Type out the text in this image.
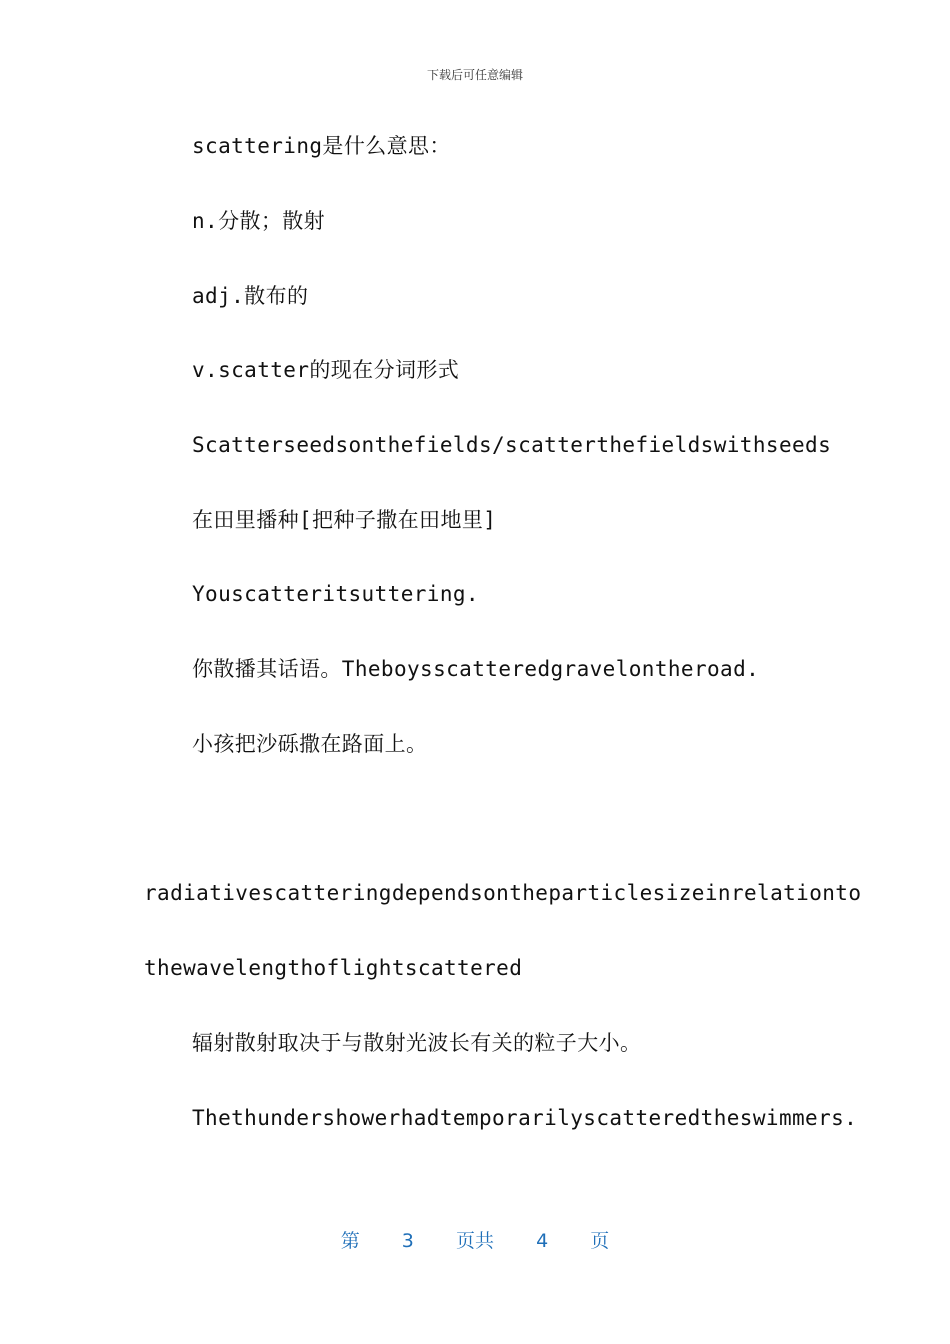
下载后可任意编辑
scattering是什么意思：
n.分散；散射
adj.散布的
v.scatter的现在分词形式
Scatterseedsonthefields/scatterthefieldswithseeds
在田里播种[把种子撒在田地里]
Youscatteritsuttering.
你散播其话语。Theboysscatteredgravelontheroad.
小孩把沙砾撒在路面上。
radiativescatteringdependsontheparticlesizeinrelationto
thewavelengthoflightscattered
辐射散射取决于与散射光波长有关的粒子大小。
Thethundershowerhadtemporarilyscatteredtheswimmers.
第 3 页共 4 页
